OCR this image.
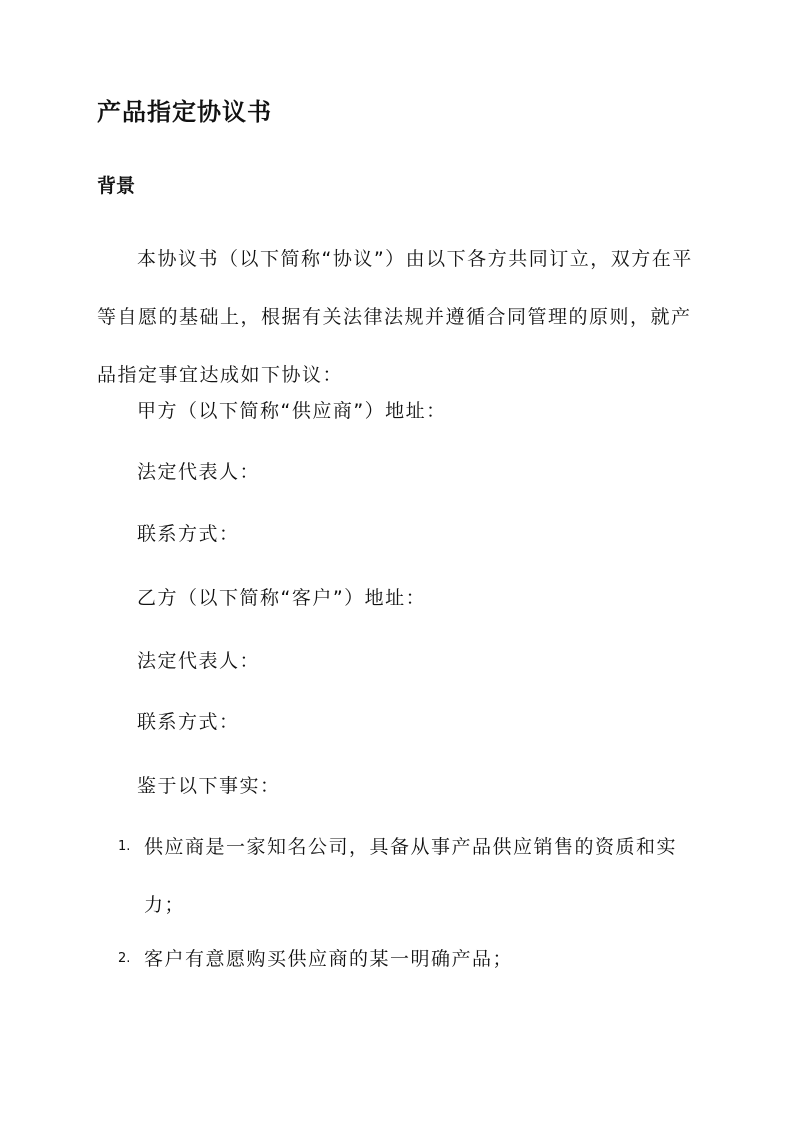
产品指定协议书
背景

本协议书（以下简称“协议”）由以下各方共同订立，双方在平等自愿的基础上，根据有关法律法规并遵循合同管理的原则，就产品指定事宜达成如下协议：

甲方（以下简称“供应商”）地址：

法定代表人：

联系方式：

乙方（以下简称“客户”）地址：

法定代表人：

联系方式：

鉴于以下事实：

1. 供应商是一家知名公司，具备从事产品供应销售的资质和实力；
2. 客户有意愿购买供应商的某一明确产品；
